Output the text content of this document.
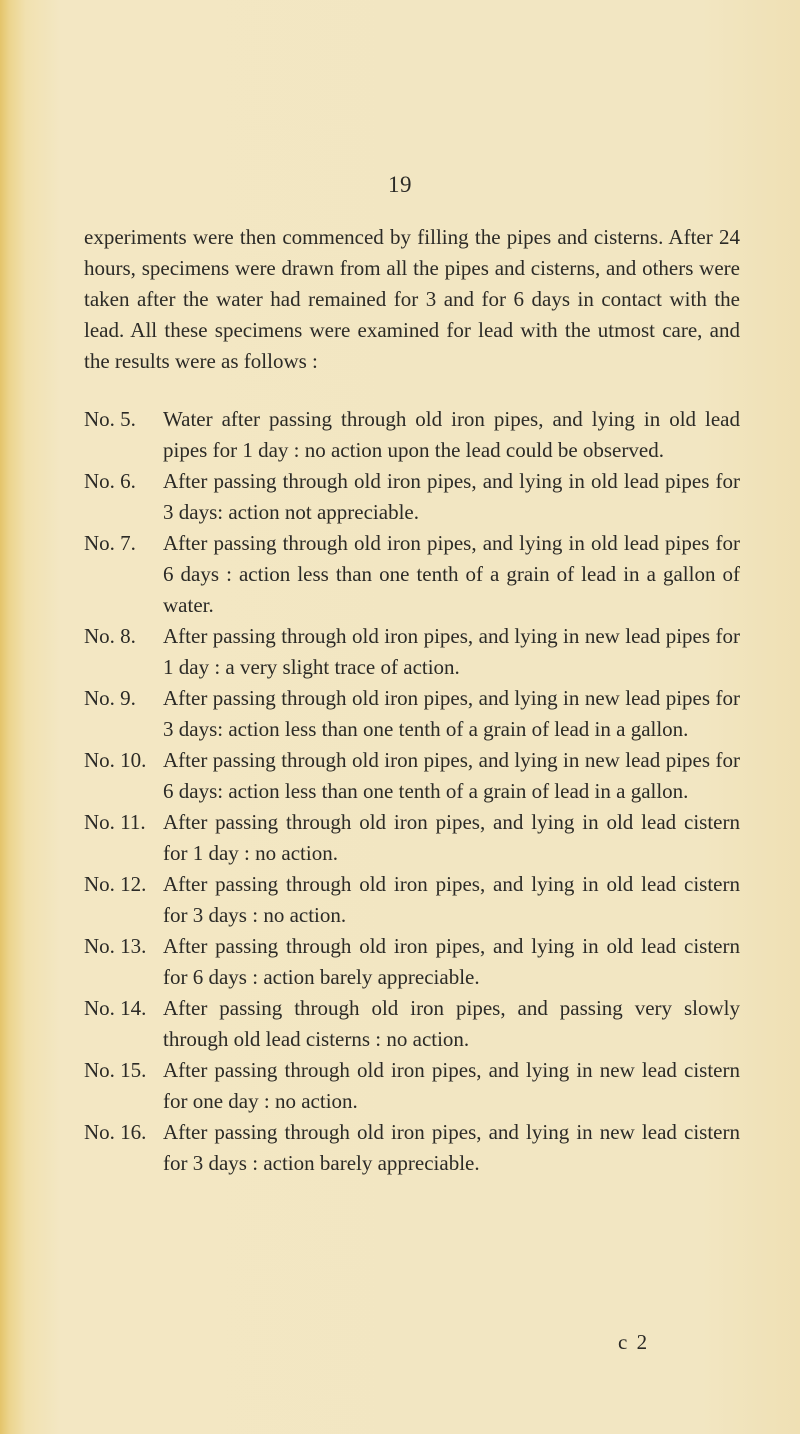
19

experiments were then commenced by filling the pipes and cisterns. After 24 hours, specimens were drawn from all the pipes and cisterns, and others were taken after the water had remained for 3 and for 6 days in contact with the lead. All these specimens were examined for lead with the utmost care, and the results were as follows :

No. 5. Water after passing through old iron pipes, and lying in old lead pipes for 1 day : no action upon the lead could be observed.
No. 6. After passing through old iron pipes, and lying in old lead pipes for 3 days: action not appreciable.
No. 7. After passing through old iron pipes, and lying in old lead pipes for 6 days : action less than one tenth of a grain of lead in a gallon of water.
No. 8. After passing through old iron pipes, and lying in new lead pipes for 1 day : a very slight trace of action.
No. 9. After passing through old iron pipes, and lying in new lead pipes for 3 days: action less than one tenth of a grain of lead in a gallon.
No. 10. After passing through old iron pipes, and lying in new lead pipes for 6 days: action less than one tenth of a grain of lead in a gallon.
No. 11. After passing through old iron pipes, and lying in old lead cistern for 1 day : no action.
No. 12. After passing through old iron pipes, and lying in old lead cistern for 3 days : no action.
No. 13. After passing through old iron pipes, and lying in old lead cistern for 6 days : action barely appreciable.
No. 14. After passing through old iron pipes, and passing very slowly through old lead cisterns : no action.
No. 15. After passing through old iron pipes, and lying in new lead cistern for one day : no action.
No. 16. After passing through old iron pipes, and lying in new lead cistern for 3 days : action barely appreciable.
c 2
